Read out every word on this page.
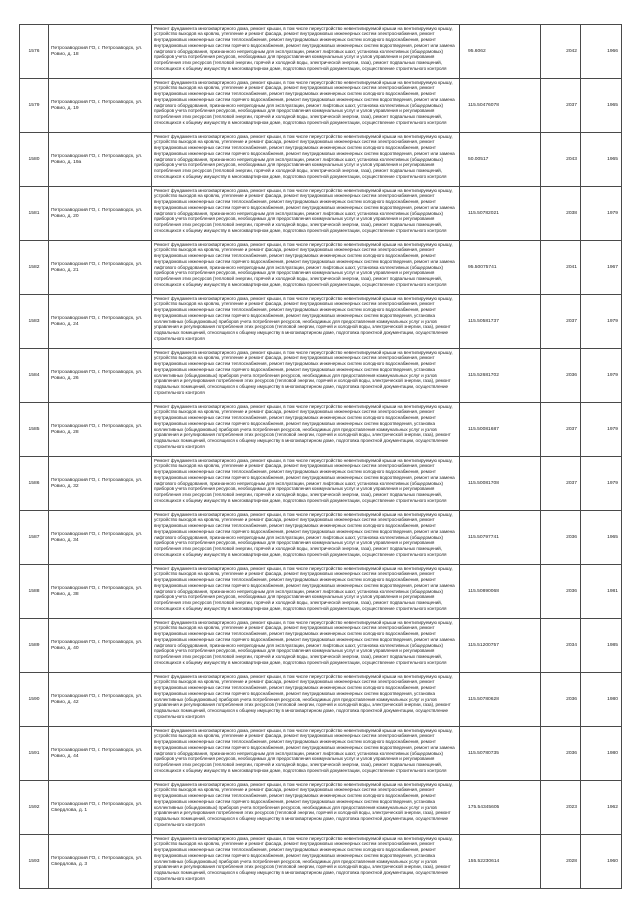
1576	Петрозаводский ГО, г. Петрозаводск, ул. Ровио, д. 18	Ремонт фундамента многоквартирного дома, ремонт крыши, в том числе переустройство невентилируемой крыши на вентилируемую крышу, устройство выходов на кровлю, утепление и ремонт фасада, ремонт внутридомовых инженерных систем электроснабжения, ремонт внутридомовых инженерных систем теплоснабжения, ремонт внутридомовых инженерных систем холодного водоснабжения, ремонт внутридомовых инженерных систем горячего водоснабжения, ремонт внутридомовых инженерных систем водоотведения, ремонт или замена лифтового оборудования, признанного непригодным для эксплуатации, ремонт лифтовых шахт, установка коллективных (общедомовых) приборов учета потребления ресурсов, необходимых для предоставления коммунальных услуг и узлов управления и регулирования потребления этих ресурсов (тепловой энергии, горячей и холодной воды, электрической энергии, газа), ремонт подвальных помещений, относящихся к общему имуществу в многоквартирном доме, подготовка проектной документации, осуществление строительного контроля	95.6062	2042	1966

1579	Петрозаводский ГО, г. Петрозаводск, ул. Ровио, д. 19	Ремонт фундамента многоквартирного дома, ремонт крыши, в том числе переустройство невентилируемой крыши на вентилируемую крышу, устройство выходов на кровлю, утепление и ремонт фасада, ремонт внутридомовых инженерных систем электроснабжения, ремонт внутридомовых инженерных систем теплоснабжения, ремонт внутридомовых инженерных систем холодного водоснабжения, ремонт внутридомовых инженерных систем горячего водоснабжения, ремонт внутридомовых инженерных систем водоотведения, ремонт или замена лифтового оборудования, признанного непригодным для эксплуатации, ремонт лифтовых шахт, установка коллективных (общедомовых) приборов учета потребления ресурсов, необходимых для предоставления коммунальных услуг и узлов управления и регулирования потребления этих ресурсов (тепловой энергии, горячей и холодной воды, электрической энергии, газа), ремонт подвальных помещений, относящихся к общему имуществу в многоквартирном доме, подготовка проектной документации, осуществление строительного контроля	115.50476078	2037	1965

1580	Петрозаводский ГО, г. Петрозаводск, ул. Ровио, д. 19а	Ремонт фундамента многоквартирного дома, ремонт крыши, в том числе переустройство невентилируемой крыши на вентилируемую крышу, устройство выходов на кровлю, утепление и ремонт фасада, ремонт внутридомовых инженерных систем электроснабжения, ремонт внутридомовых инженерных систем теплоснабжения, ремонт внутридомовых инженерных систем холодного водоснабжения, ремонт внутридомовых инженерных систем горячего водоснабжения, ремонт внутридомовых инженерных систем водоотведения, ремонт или замена лифтового оборудования, признанного непригодным для эксплуатации, ремонт лифтовых шахт, установка коллективных (общедомовых) приборов учета потребления ресурсов, необходимых для предоставления коммунальных услуг и узлов управления и регулирования потребления этих ресурсов (тепловой энергии, горячей и холодной воды, электрической энергии, газа), ремонт подвальных помещений, относящихся к общему имуществу в многоквартирном доме, подготовка проектной документации, осуществление строительного контроля	50.00517	2043	1965

1581	Петрозаводский ГО, г. Петрозаводск, ул. Ровио, д. 20	Ремонт фундамента многоквартирного дома, ремонт крыши, в том числе переустройство невентилируемой крыши на вентилируемую крышу, устройство выходов на кровлю, утепление и ремонт фасада, ремонт внутридомовых инженерных систем электроснабжения, ремонт внутридомовых инженерных систем теплоснабжения, ремонт внутридомовых инженерных систем холодного водоснабжения, ремонт внутридомовых инженерных систем горячего водоснабжения, ремонт внутридомовых инженерных систем водоотведения, ремонт или замена лифтового оборудования, признанного непригодным для эксплуатации, ремонт лифтовых шахт, установка коллективных (общедомовых) приборов учета потребления ресурсов, необходимых для предоставления коммунальных услуг и узлов управления и регулирования потребления этих ресурсов (тепловой энергии, горячей и холодной воды, электрической энергии, газа), ремонт подвальных помещений, относящихся к общему имуществу в многоквартирном доме, подготовка проектной документации, осуществление строительного контроля	115.50782021	2038	1979

1582	Петрозаводский ГО, г. Петрозаводск, ул. Ровио, д. 21	Ремонт фундамента многоквартирного дома, ремонт крыши, в том числе переустройство невентилируемой крыши на вентилируемую крышу, устройство выходов на кровлю, утепление и ремонт фасада, ремонт внутридомовых инженерных систем электроснабжения, ремонт внутридомовых инженерных систем теплоснабжения, ремонт внутридомовых инженерных систем холодного водоснабжения, ремонт внутридомовых инженерных систем горячего водоснабжения, ремонт внутридомовых инженерных систем водоотведения, ремонт или замена лифтового оборудования, признанного непригодным для эксплуатации, ремонт лифтовых шахт, установка коллективных (общедомовых) приборов учета потребления ресурсов, необходимых для предоставления коммунальных услуг и узлов управления и регулирования потребления этих ресурсов (тепловой энергии, горячей и холодной воды, электрической энергии, газа), ремонт подвальных помещений, относящихся к общему имуществу в многоквартирном доме, подготовка проектной документации, осуществление строительного контроля	95.50075741	2041	1967

1583	Петрозаводский ГО, г. Петрозаводск, ул. Ровио, д. 24	Ремонт фундамента многоквартирного дома, ремонт крыши, в том числе переустройство невентилируемой крыши на вентилируемую крышу, устройство выходов на кровлю, утепление и ремонт фасада, ремонт внутридомовых инженерных систем электроснабжения, ремонт внутридомовых инженерных систем теплоснабжения, ремонт внутридомовых инженерных систем холодного водоснабжения, ремонт внутридомовых инженерных систем горячего водоснабжения, ремонт внутридомовых инженерных систем водоотведения, установка коллективных (общедомовых) приборов учета потребления ресурсов, необходимых для предоставления коммунальных услуг и узлов управления и регулирования потребления этих ресурсов (тепловой энергии, горячей и холодной воды, электрической энергии, газа), ремонт подвальных помещений, относящихся к общему имуществу в многоквартирном доме, подготовка проектной документации, осуществление строительного контроля	115.50581737	2037	1979

1584	Петрозаводский ГО, г. Петрозаводск, ул. Ровио, д. 26	Ремонт фундамента многоквартирного дома, ремонт крыши, в том числе переустройство невентилируемой крыши на вентилируемую крышу, устройство выходов на кровлю, утепление и ремонт фасада, ремонт внутридомовых инженерных систем электроснабжения, ремонт внутридомовых инженерных систем теплоснабжения, ремонт внутридомовых инженерных систем холодного водоснабжения, ремонт внутридомовых инженерных систем горячего водоснабжения, ремонт внутридомовых инженерных систем водоотведения, установка коллективных (общедомовых) приборов учета потребления ресурсов, необходимых для предоставления коммунальных услуг и узлов управления и регулирования потребления этих ресурсов (тепловой энергии, горячей и холодной воды, электрической энергии, газа), ремонт подвальных помещений, относящихся к общему имуществу в многоквартирном доме, подготовка проектной документации, осуществление строительного контроля	115.52681702	2036	1979

1585	Петрозаводский ГО, г. Петрозаводск, ул. Ровио, д. 28	Ремонт фундамента многоквартирного дома, ремонт крыши, в том числе переустройство невентилируемой крыши на вентилируемую крышу, устройство выходов на кровлю, утепление и ремонт фасада, ремонт внутридомовых инженерных систем электроснабжения, ремонт внутридомовых инженерных систем теплоснабжения, ремонт внутридомовых инженерных систем холодного водоснабжения, ремонт внутридомовых инженерных систем горячего водоснабжения, ремонт внутридомовых инженерных систем водоотведения, установка коллективных (общедомовых) приборов учета потребления ресурсов, необходимых для предоставления коммунальных услуг и узлов управления и регулирования потребления этих ресурсов (тепловой энергии, горячей и холодной воды, электрической энергии, газа), ремонт подвальных помещений, относящихся к общему имуществу в многоквартирном доме, подготовка проектной документации, осуществление строительного контроля	115.50081687	2037	1979

1586	Петрозаводский ГО, г. Петрозаводск, ул. Ровио, д. 32	Ремонт фундамента многоквартирного дома, ремонт крыши, в том числе переустройство невентилируемой крыши на вентилируемую крышу, устройство выходов на кровлю, утепление и ремонт фасада, ремонт внутридомовых инженерных систем электроснабжения, ремонт внутридомовых инженерных систем теплоснабжения, ремонт внутридомовых инженерных систем холодного водоснабжения, ремонт внутридомовых инженерных систем горячего водоснабжения, ремонт внутридомовых инженерных систем водоотведения, ремонт или замена лифтового оборудования, признанного непригодным для эксплуатации, ремонт лифтовых шахт, установка коллективных (общедомовых) приборов учета потребления ресурсов, необходимых для предоставления коммунальных услуг и узлов управления и регулирования потребления этих ресурсов (тепловой энергии, горячей и холодной воды, электрической энергии, газа), ремонт подвальных помещений, относящихся к общему имуществу в многоквартирном доме, подготовка проектной документации, осуществление строительного контроля	115.50081708	2037	1979

1587	Петрозаводский ГО, г. Петрозаводск, ул. Ровио, д. 34	Ремонт фундамента многоквартирного дома, ремонт крыши, в том числе переустройство невентилируемой крыши на вентилируемую крышу, устройство выходов на кровлю, утепление и ремонт фасада, ремонт внутридомовых инженерных систем электроснабжения, ремонт внутридомовых инженерных систем теплоснабжения, ремонт внутридомовых инженерных систем холодного водоснабжения, ремонт внутридомовых инженерных систем горячего водоснабжения, ремонт внутридомовых инженерных систем водоотведения, ремонт или замена лифтового оборудования, признанного непригодным для эксплуатации, ремонт лифтовых шахт, установка коллективных (общедомовых) приборов учета потребления ресурсов, необходимых для предоставления коммунальных услуг и узлов управления и регулирования потребления этих ресурсов (тепловой энергии, горячей и холодной воды, электрической энергии, газа), ремонт подвальных помещений, относящихся к общему имуществу в многоквартирном доме, подготовка проектной документации, осуществление строительного контроля	115.50797741	2036	1965

1588	Петрозаводский ГО, г. Петрозаводск, ул. Ровио, д. 38	Ремонт фундамента многоквартирного дома, ремонт крыши, в том числе переустройство невентилируемой крыши на вентилируемую крышу, устройство выходов на кровлю, утепление и ремонт фасада, ремонт внутридомовых инженерных систем электроснабжения, ремонт внутридомовых инженерных систем теплоснабжения, ремонт внутридомовых инженерных систем холодного водоснабжения, ремонт внутридомовых инженерных систем горячего водоснабжения, ремонт внутридомовых инженерных систем водоотведения, ремонт или замена лифтового оборудования, признанного непригодным для эксплуатации, ремонт лифтовых шахт, установка коллективных (общедомовых) приборов учета потребления ресурсов, необходимых для предоставления коммунальных услуг и узлов управления и регулирования потребления этих ресурсов (тепловой энергии, горячей и холодной воды, электрической энергии, газа), ремонт подвальных помещений, относящихся к общему имуществу в многоквартирном доме, подготовка проектной документации, осуществление строительного контроля	115.50890068	2036	1981

1589	Петрозаводский ГО, г. Петрозаводск, ул. Ровио, д. 40	Ремонт фундамента многоквартирного дома, ремонт крыши, в том числе переустройство невентилируемой крыши на вентилируемую крышу, устройство выходов на кровлю, утепление и ремонт фасада, ремонт внутридомовых инженерных систем электроснабжения, ремонт внутридомовых инженерных систем теплоснабжения, ремонт внутридомовых инженерных систем холодного водоснабжения, ремонт внутридомовых инженерных систем горячего водоснабжения, ремонт внутридомовых инженерных систем водоотведения, ремонт или замена лифтового оборудования, признанного непригодным для эксплуатации, ремонт лифтовых шахт, установка коллективных (общедомовых) приборов учета потребления ресурсов, необходимых для предоставления коммунальных услуг и узлов управления и регулирования потребления этих ресурсов (тепловой энергии, горячей и холодной воды, электрической энергии, газа), ремонт подвальных помещений, относящихся к общему имуществу в многоквартирном доме, подготовка проектной документации, осуществление строительного контроля	115.51200757	2034	1985

1590	Петрозаводский ГО, г. Петрозаводск, ул. Ровио, д. 42	Ремонт фундамента многоквартирного дома, ремонт крыши, в том числе переустройство невентилируемой крыши на вентилируемую крышу, устройство выходов на кровлю, утепление и ремонт фасада, ремонт внутридомовых инженерных систем электроснабжения, ремонт внутридомовых инженерных систем теплоснабжения, ремонт внутридомовых инженерных систем холодного водоснабжения, ремонт внутридомовых инженерных систем горячего водоснабжения, ремонт внутридомовых инженерных систем водоотведения, установка коллективных (общедомовых) приборов учета потребления ресурсов, необходимых для предоставления коммунальных услуг и узлов управления и регулирования потребления этих ресурсов (тепловой энергии, горячей и холодной воды, электрической энергии, газа), ремонт подвальных помещений, относящихся к общему имуществу в многоквартирном доме, подготовка проектной документации, осуществление строительного контроля	115.50780628	2036	1980

1591	Петрозаводский ГО, г. Петрозаводск, ул. Ровио, д. 44	Ремонт фундамента многоквартирного дома, ремонт крыши, в том числе переустройство невентилируемой крыши на вентилируемую крышу, устройство выходов на кровлю, утепление и ремонт фасада, ремонт внутридомовых инженерных систем электроснабжения, ремонт внутридомовых инженерных систем теплоснабжения, ремонт внутридомовых инженерных систем холодного водоснабжения, ремонт внутридомовых инженерных систем горячего водоснабжения, ремонт внутридомовых инженерных систем водоотведения, ремонт или замена лифтового оборудования, признанного непригодным для эксплуатации, ремонт лифтовых шахт, установка коллективных (общедомовых) приборов учета потребления ресурсов, необходимых для предоставления коммунальных услуг и узлов управления и регулирования потребления этих ресурсов (тепловой энергии, горячей и холодной воды, электрической энергии, газа), ремонт подвальных помещений, относящихся к общему имуществу в многоквартирном доме, подготовка проектной документации, осуществление строительного контроля	115.50780735	2036	1980

1592	Петрозаводский ГО, г. Петрозаводск, ул. Свердлова, д. 1	Ремонт фундамента многоквартирного дома, ремонт крыши, в том числе переустройство невентилируемой крыши на вентилируемую крышу, устройство выходов на кровлю, утепление и ремонт фасада, ремонт внутридомовых инженерных систем электроснабжения, ремонт внутридомовых инженерных систем теплоснабжения, ремонт внутридомовых инженерных систем холодного водоснабжения, ремонт внутридомовых инженерных систем горячего водоснабжения, ремонт внутридомовых инженерных систем водоотведения, установка коллективных (общедомовых) приборов учета потребления ресурсов, необходимых для предоставления коммунальных услуг и узлов управления и регулирования потребления этих ресурсов (тепловой энергии, горячей и холодной воды, электрической энергии, газа), ремонт подвальных помещений, относящихся к общему имуществу в многоквартирном доме, подготовка проектной документации, осуществление строительного контроля	175.54345605	2023	1962

1593	Петрозаводский ГО, г. Петрозаводск, ул. Свердлова, д. 3	Ремонт фундамента многоквартирного дома, ремонт крыши, в том числе переустройство невентилируемой крыши на вентилируемую крышу, устройство выходов на кровлю, утепление и ремонт фасада, ремонт внутридомовых инженерных систем электроснабжения, ремонт внутридомовых инженерных систем теплоснабжения, ремонт внутридомовых инженерных систем холодного водоснабжения, ремонт внутридомовых инженерных систем горячего водоснабжения, ремонт внутридомовых инженерных систем водоотведения, установка коллективных (общедомовых) приборов учета потребления ресурсов, необходимых для предоставления коммунальных услуг и узлов управления и регулирования потребления этих ресурсов (тепловой энергии, горячей и холодной воды, электрической энергии, газа), ремонт подвальных помещений, относящихся к общему имуществу в многоквартирном доме, подготовка проектной документации, осуществление строительного контроля	155.52230614	2028	1960
